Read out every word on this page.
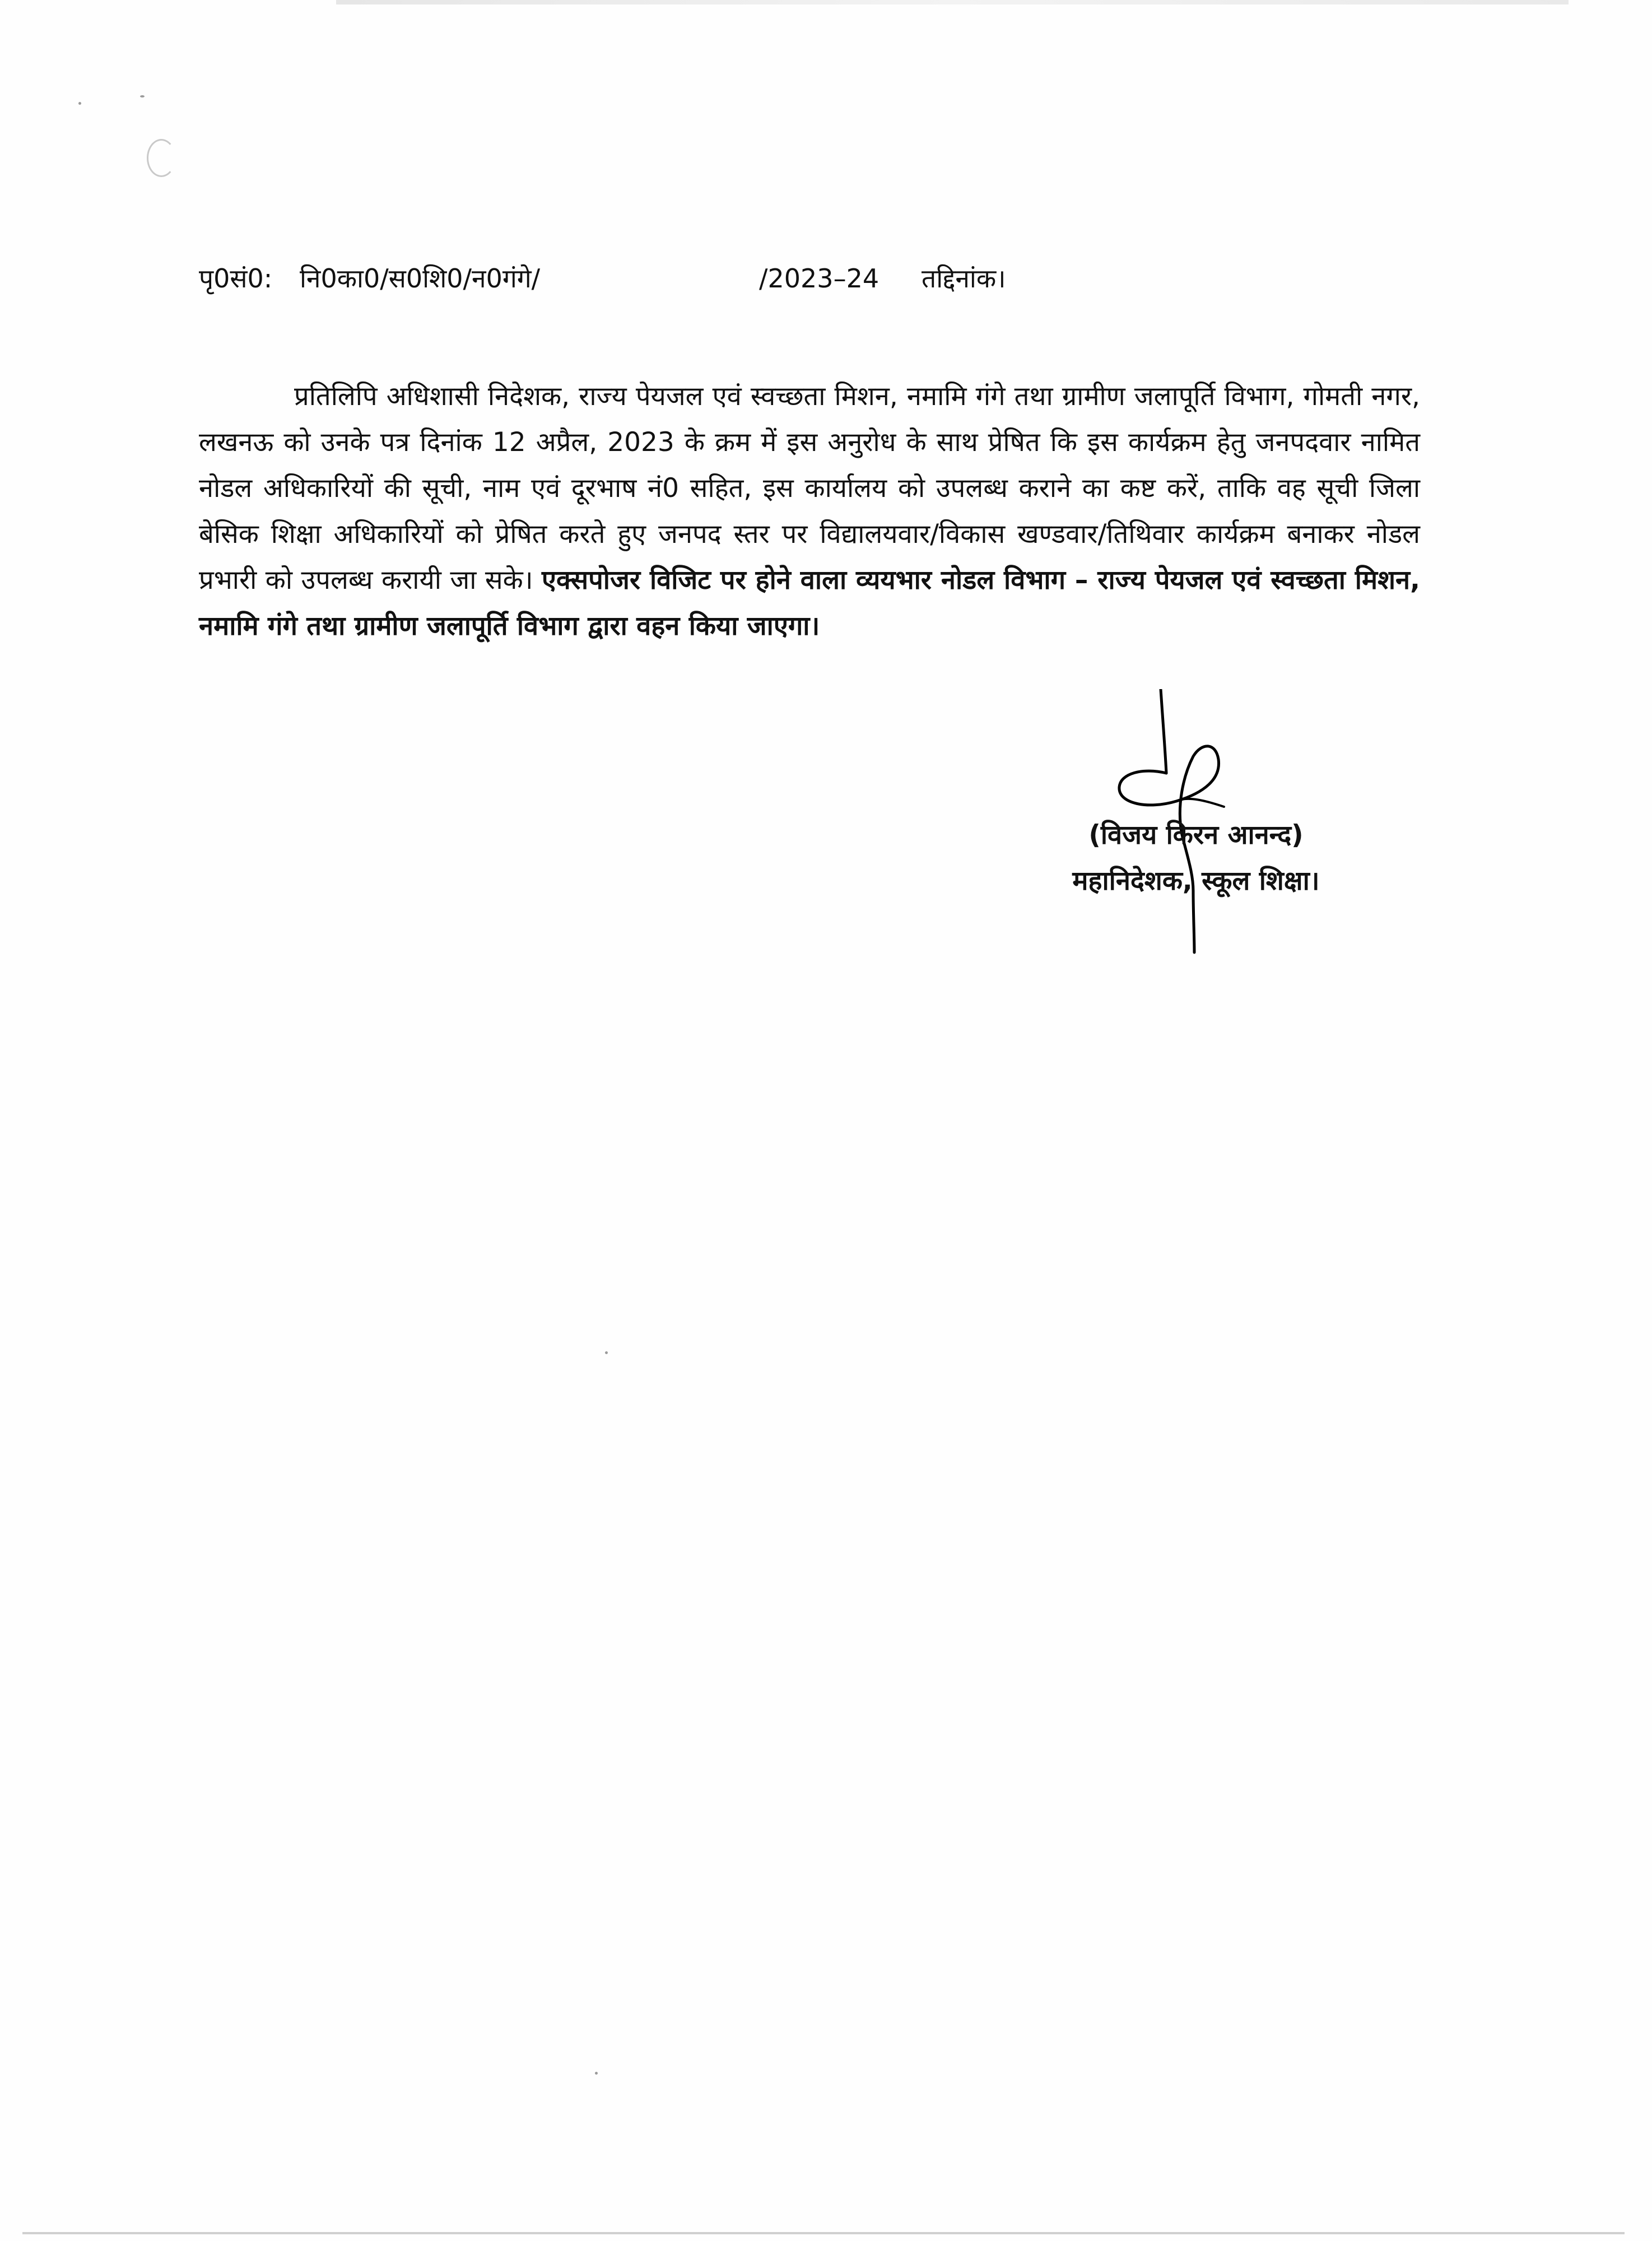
पृ0सं0: नि0का0/स0शि0/न0गंगे/	/2023–24 तद्दिनांक।

प्रतिलिपि अधिशासी निदेशक, राज्य पेयजल एवं स्वच्छता मिशन, नमामि गंगे तथा ग्रामीण जलापूर्ति विभाग, गोमती नगर, लखनऊ को उनके पत्र दिनांक 12 अप्रैल, 2023 के क्रम में इस अनुरोध के साथ प्रेषित कि इस कार्यक्रम हेतु जनपदवार नामित नोडल अधिकारियों की सूची, नाम एवं दूरभाष नं0 सहित, इस कार्यालय को उपलब्ध कराने का कष्ट करें, ताकि वह सूची जिला बेसिक शिक्षा अधिकारियों को प्रेषित करते हुए जनपद स्तर पर विद्यालयवार/विकास खण्डवार/तिथिवार कार्यक्रम बनाकर नोडल प्रभारी को उपलब्ध करायी जा सके। एक्सपोजर विजिट पर होने वाला व्ययभार नोडल विभाग – राज्य पेयजल एवं स्वच्छता मिशन, नमामि गंगे तथा ग्रामीण जलापूर्ति विभाग द्वारा वहन किया जाएगा।

(विजय किरन आनन्द)
महानिदेशक, स्कूल शिक्षा।
